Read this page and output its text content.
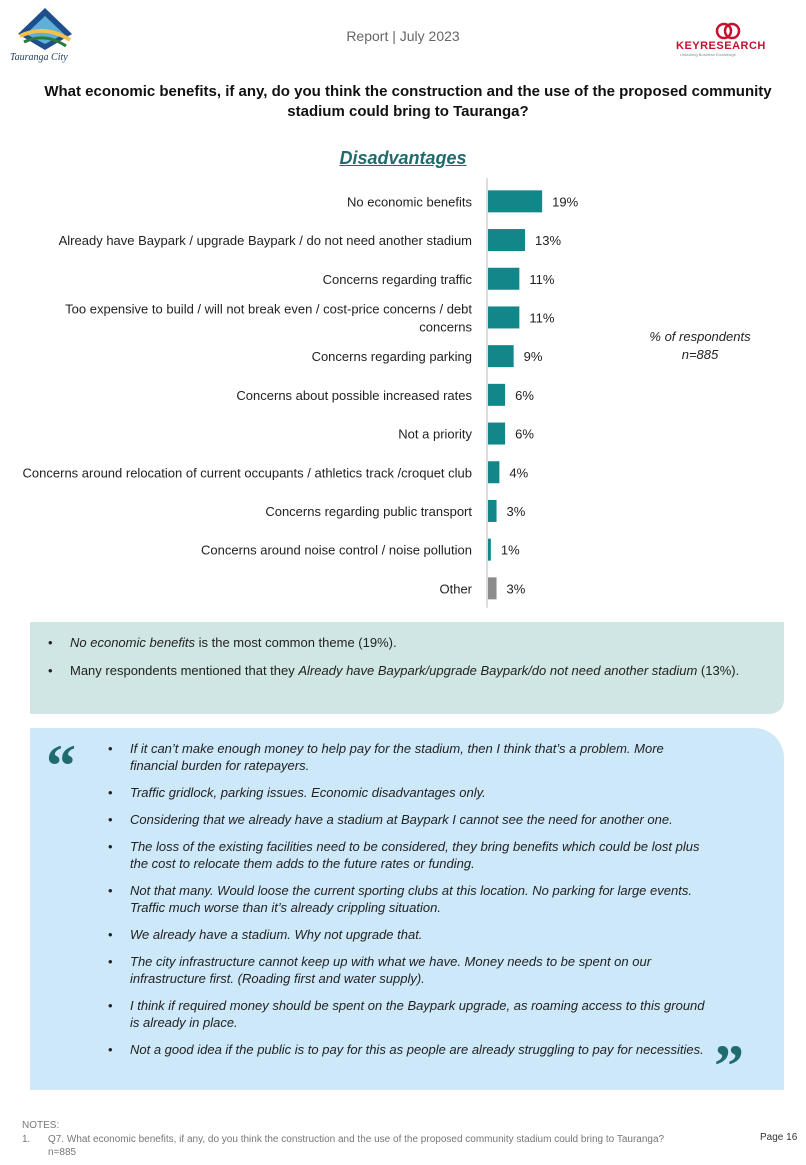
Tauranga City
Report | July 2023
KEYRESEARCH
Unlocking Business Knowledge
What economic benefits, if any, do you think the construction and the use of the proposed community stadium could bring to Tauranga?
Disadvantages
19%
No economic benefits
13%
Already have Baypark / upgrade Baypark / do not need another stadium
11%
Concerns regarding traffic
11%
Too expensive to build / will not break even / cost-price concerns / debt concerns
9%
Concerns regarding parking
6%
Concerns about possible increased rates
6%
Not a priority
4%
Concerns around relocation of current occupants / athletics track /croquet club
3%
Concerns regarding public transport
1%
Concerns around noise control / noise pollution
3%
Other
% of respondents
n=885
• No economic benefits is the most common theme (19%).
• Many respondents mentioned that they Already have Baypark/upgrade Baypark/do not need another stadium (13%).
“
”
• If it can’t make enough money to help pay for the stadium, then I think that’s a problem. More financial burden for ratepayers.
• Traffic gridlock, parking issues. Economic disadvantages only.
• Considering that we already have a stadium at Baypark I cannot see the need for another one.
• The loss of the existing facilities need to be considered, they bring benefits which could be lost plus the cost to relocate them adds to the future rates or funding.
• Not that many. Would loose the current sporting clubs at this location. No parking for large events. Traffic much worse than it’s already crippling situation.
• We already have a stadium. Why not upgrade that.
• The city infrastructure cannot keep up with what we have. Money needs to be spent on our infrastructure first. (Roading first and water supply).
• I think if required money should be spent on the Baypark upgrade, as roaming access to this ground is already in place.
• Not a good idea if the public is to pay for this as people are already struggling to pay for necessities.
NOTES:
1. Q7. What economic benefits, if any, do you think the construction and the use of the proposed community stadium could bring to Tauranga?
n=885
Page 16
